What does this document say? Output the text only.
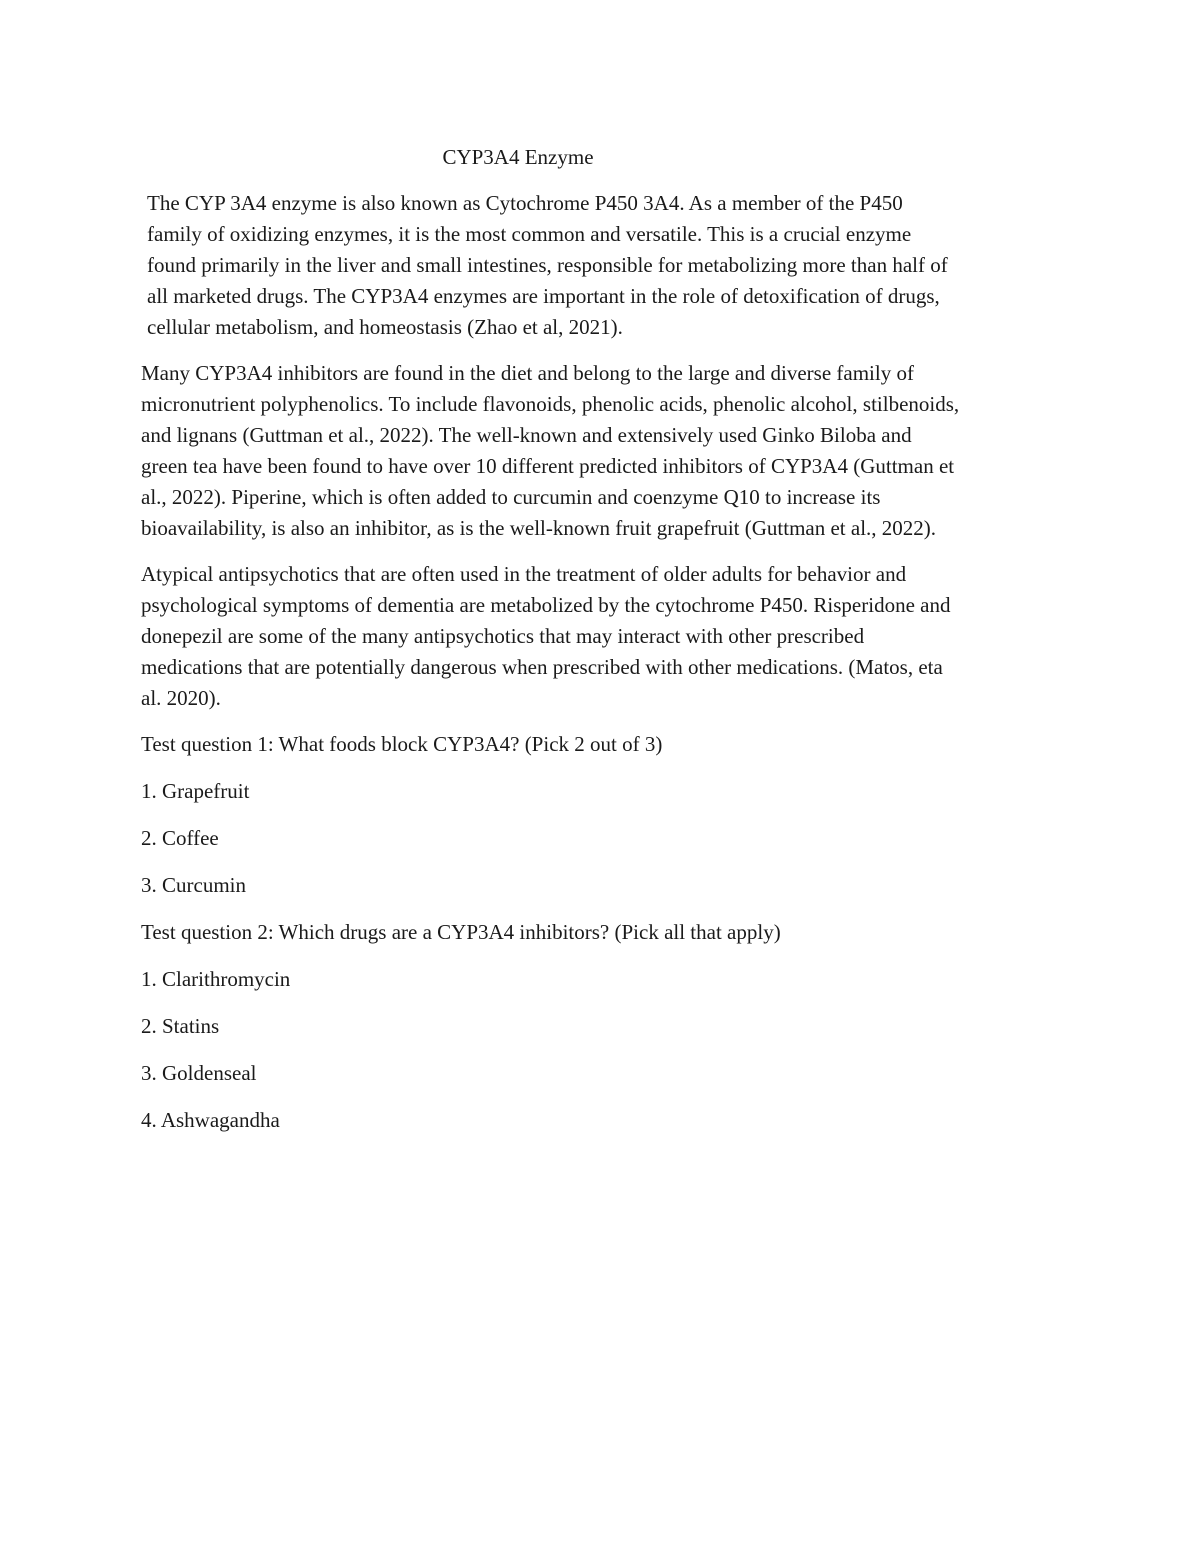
CYP3A4 Enzyme

The CYP 3A4 enzyme is also known as Cytochrome P450 3A4. As a member of the P450
family of oxidizing enzymes, it is the most common and versatile. This is a crucial enzyme
found primarily in the liver and small intestines, responsible for metabolizing more than half of
all marketed drugs. The CYP3A4 enzymes are important in the role of detoxification of drugs,
cellular metabolism, and homeostasis (Zhao et al, 2021).

Many CYP3A4 inhibitors are found in the diet and belong to the large and diverse family of
micronutrient polyphenolics. To include flavonoids, phenolic acids, phenolic alcohol, stilbenoids,
and lignans (Guttman et al., 2022). The well-known and extensively used Ginko Biloba and
green tea have been found to have over 10 different predicted inhibitors of CYP3A4 (Guttman et
al., 2022). Piperine, which is often added to curcumin and coenzyme Q10 to increase its
bioavailability, is also an inhibitor, as is the well-known fruit grapefruit (Guttman et al., 2022).

Atypical antipsychotics that are often used in the treatment of older adults for behavior and
psychological symptoms of dementia are metabolized by the cytochrome P450. Risperidone and
donepezil are some of the many antipsychotics that may interact with other prescribed
medications that are potentially dangerous when prescribed with other medications. (Matos, eta
al. 2020).

Test question 1: What foods block CYP3A4? (Pick 2 out of 3)

1. Grapefruit

2. Coffee

3. Curcumin

Test question 2: Which drugs are a CYP3A4 inhibitors? (Pick all that apply)

1. Clarithromycin

2. Statins

3. Goldenseal

4. Ashwagandha
